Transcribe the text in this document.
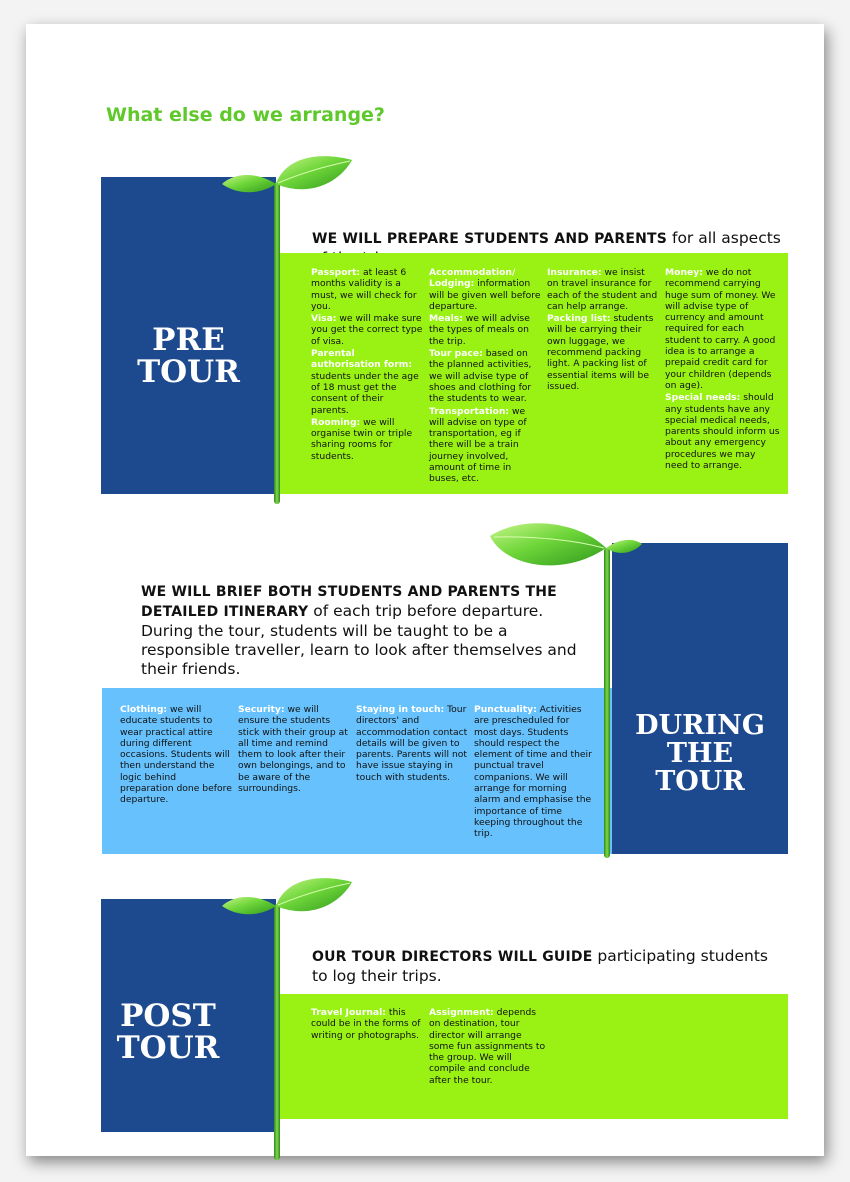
What else do we arrange?
PRE
TOUR

WE WILL PREPARE STUDENTS AND PARENTS for all aspects

Passport: at least 6 months validity is a must, we will check for you.

Visa: we will make sure you get the correct type of visa.

Parental authorisation form: students under the age of 18 must get the consent of their parents.

Rooming: we will organise twin or triple sharing rooms for students.

Accommodation/ Lodging: information will be given well before departure.

Meals: we will advise the types of meals on the trip.

Tour pace: based on the planned activities, we will advise type of shoes and clothing for the students to wear.

Transportation: we will advise on type of transportation, eg if there will be a train journey involved, amount of time in buses, etc.

Insurance: we insist on travel insurance for each of the student and can help arrange.

Packing list: students will be carrying their own luggage, we recommend packing light. A packing list of essential items will be issued.

Money: we do not recommend carrying huge sum of money. We will advise type of currency and amount required for each student to carry. A good idea is to arrange a prepaid credit card for your children (depends on age).

Special needs: should any students have any special medical needs, parents should inform us about any emergency procedures we may need to arrange.

DURING
THE
TOUR

WE WILL BRIEF BOTH STUDENTS AND PARENTS THE DETAILED ITINERARY of each trip before departure. During the tour, students will be taught to be a responsible traveller, learn to look after themselves and their friends.

Clothing: we will educate students to wear practical attire during different occasions. Students will then understand the logic behind preparation done before departure.

Security: we will ensure the students stick with their group at all time and remind them to look after their own belongings, and to be aware of the surroundings.

Staying in touch: Tour directors' and accommodation contact details will be given to parents. Parents will not have issue staying in touch with students.

Punctuality: Activities are prescheduled for most days. Students should respect the element of time and their punctual travel companions. We will arrange for morning alarm and emphasise the importance of time keeping throughout the trip.

POST
TOUR

OUR TOUR DIRECTORS WILL GUIDE participating students to log their trips.

Travel Journal: this could be in the forms of writing or photographs.

Assignment: depends on destination, tour director will arrange some fun assignments to the group. We will compile and conclude after the tour.
